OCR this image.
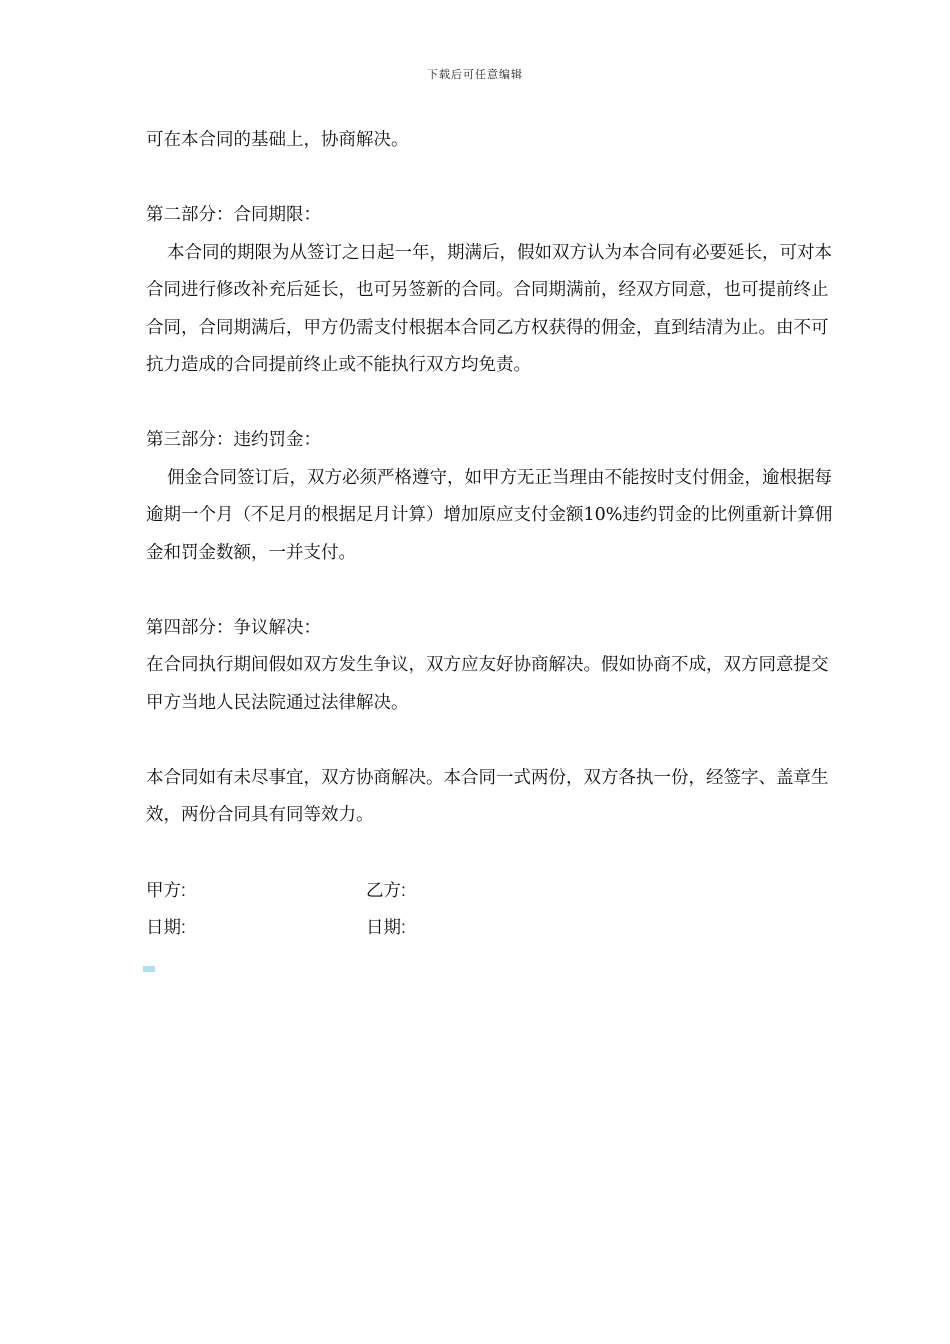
下载后可任意编辑

可在本合同的基础上，协商解决。

第二部分：合同期限：

本合同的期限为从签订之日起一年，期满后，假如双方认为本合同有必要延长，可对本合同进行修改补充后延长，也可另签新的合同。合同期满前，经双方同意，也可提前终止合同，合同期满后，甲方仍需支付根据本合同乙方权获得的佣金，直到结清为止。由不可抗力造成的合同提前终止或不能执行双方均免责。

第三部分：违约罚金：

佣金合同签订后，双方必须严格遵守，如甲方无正当理由不能按时支付佣金，逾根据每逾期一个月（不足月的根据足月计算）增加原应支付金额10%违约罚金的比例重新计算佣金和罚金数额，一并支付。

第四部分：争议解决：

在合同执行期间假如双方发生争议，双方应友好协商解决。假如协商不成，双方同意提交甲方当地人民法院通过法律解决。

本合同如有未尽事宜，双方协商解决。本合同一式两份，双方各执一份，经签字、盖章生效，两份合同具有同等效力。

甲方:	乙方:
日期:	日期:
